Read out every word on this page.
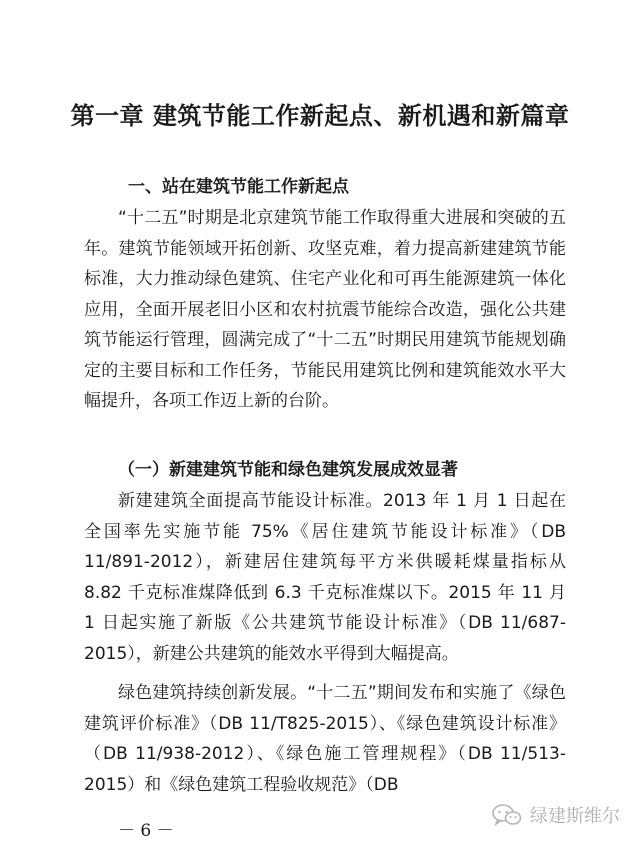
第一章 建筑节能工作新起点、新机遇和新篇章
一、站在建筑节能工作新起点

“十二五”时期是北京建筑节能工作取得重大进展和突破的五年。建筑节能领域开拓创新、攻坚克难，着力提高新建建筑节能标准，大力推动绿色建筑、住宅产业化和可再生能源建筑一体化应用，全面开展老旧小区和农村抗震节能综合改造，强化公共建筑节能运行管理，圆满完成了“十二五”时期民用建筑节能规划确定的主要目标和工作任务，节能民用建筑比例和建筑能效水平大幅提升，各项工作迈上新的台阶。

（一）新建建筑节能和绿色建筑发展成效显著

新建建筑全面提高节能设计标准。2013 年 1 月 1 日起在全国率先实施节能 75%《居住建筑节能设计标准》（DB 11/891-2012），新建居住建筑每平方米供暖耗煤量指标从 8.82 千克标准煤降低到 6.3 千克标准煤以下。2015 年 11 月 1 日起实施了新版《公共建筑节能设计标准》（DB 11/687-2015），新建公共建筑的能效水平得到大幅提高。

绿色建筑持续创新发展。“十二五”期间发布和实施了《绿色建筑评价标准》（DB 11/T825-2015）、《绿色建筑设计标准》（DB 11/938-2012）、《绿色施工管理规程》（DB 11/513-2015）和《绿色建筑工程验收规范》（DB

－ 6 －
绿建斯维尔
